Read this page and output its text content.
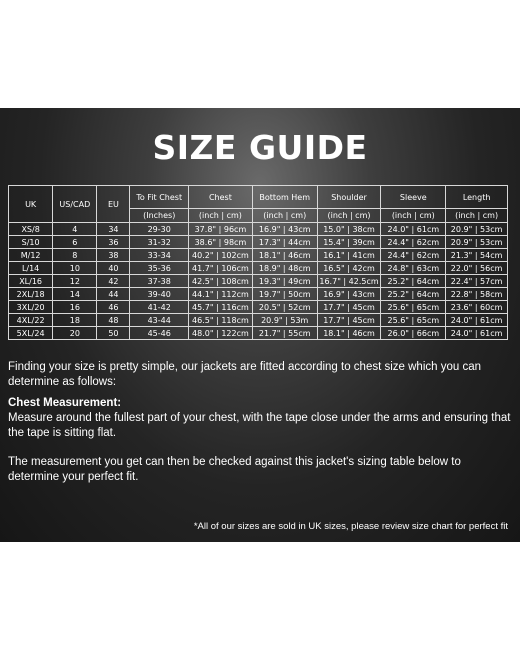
SIZE GUIDE
UK	US/CAD	EU	To Fit Chest	Chest	Bottom Hem	Shoulder	Sleeve	Length
			(Inches)	(inch | cm)	(inch | cm)	(inch | cm)	(inch | cm)	(inch | cm)
XS/8	4	34	29-30	37.8" | 96cm	16.9" | 43cm	15.0" | 38cm	24.0" | 61cm	20.9" | 53cm
S/10	6	36	31-32	38.6" | 98cm	17.3" | 44cm	15.4" | 39cm	24.4" | 62cm	20.9" | 53cm
M/12	8	38	33-34	40.2" | 102cm	18.1" | 46cm	16.1" | 41cm	24.4" | 62cm	21.3" | 54cm
L/14	10	40	35-36	41.7" | 106cm	18.9" | 48cm	16.5" | 42cm	24.8" | 63cm	22.0" | 56cm
XL/16	12	42	37-38	42.5" | 108cm	19.3" | 49cm	16.7" | 42.5cm	25.2" | 64cm	22.4" | 57cm
2XL/18	14	44	39-40	44.1" | 112cm	19.7" | 50cm	16.9" | 43cm	25.2" | 64cm	22.8" | 58cm
3XL/20	16	46	41-42	45.7" | 116cm	20.5" | 52cm	17.7" | 45cm	25.6" | 65cm	23.6" | 60cm
4XL/22	18	48	43-44	46.5" | 118cm	20.9" | 53m	17.7" | 45cm	25.6" | 65cm	24.0" | 61cm
5XL/24	20	50	45-46	48.0" | 122cm	21.7" | 55cm	18.1" | 46cm	26.0" | 66cm	24.0" | 61cm
Finding your size is pretty simple, our jackets are fitted according to chest size which you can determine as follows:
Chest Measurement:
Measure around the fullest part of your chest, with the tape close under the arms and ensuring that the tape is sitting flat.
The measurement you get can then be checked against this jacket's sizing table below to determine your perfect fit.
*All of our sizes are sold in UK sizes, please review size chart for perfect fit
